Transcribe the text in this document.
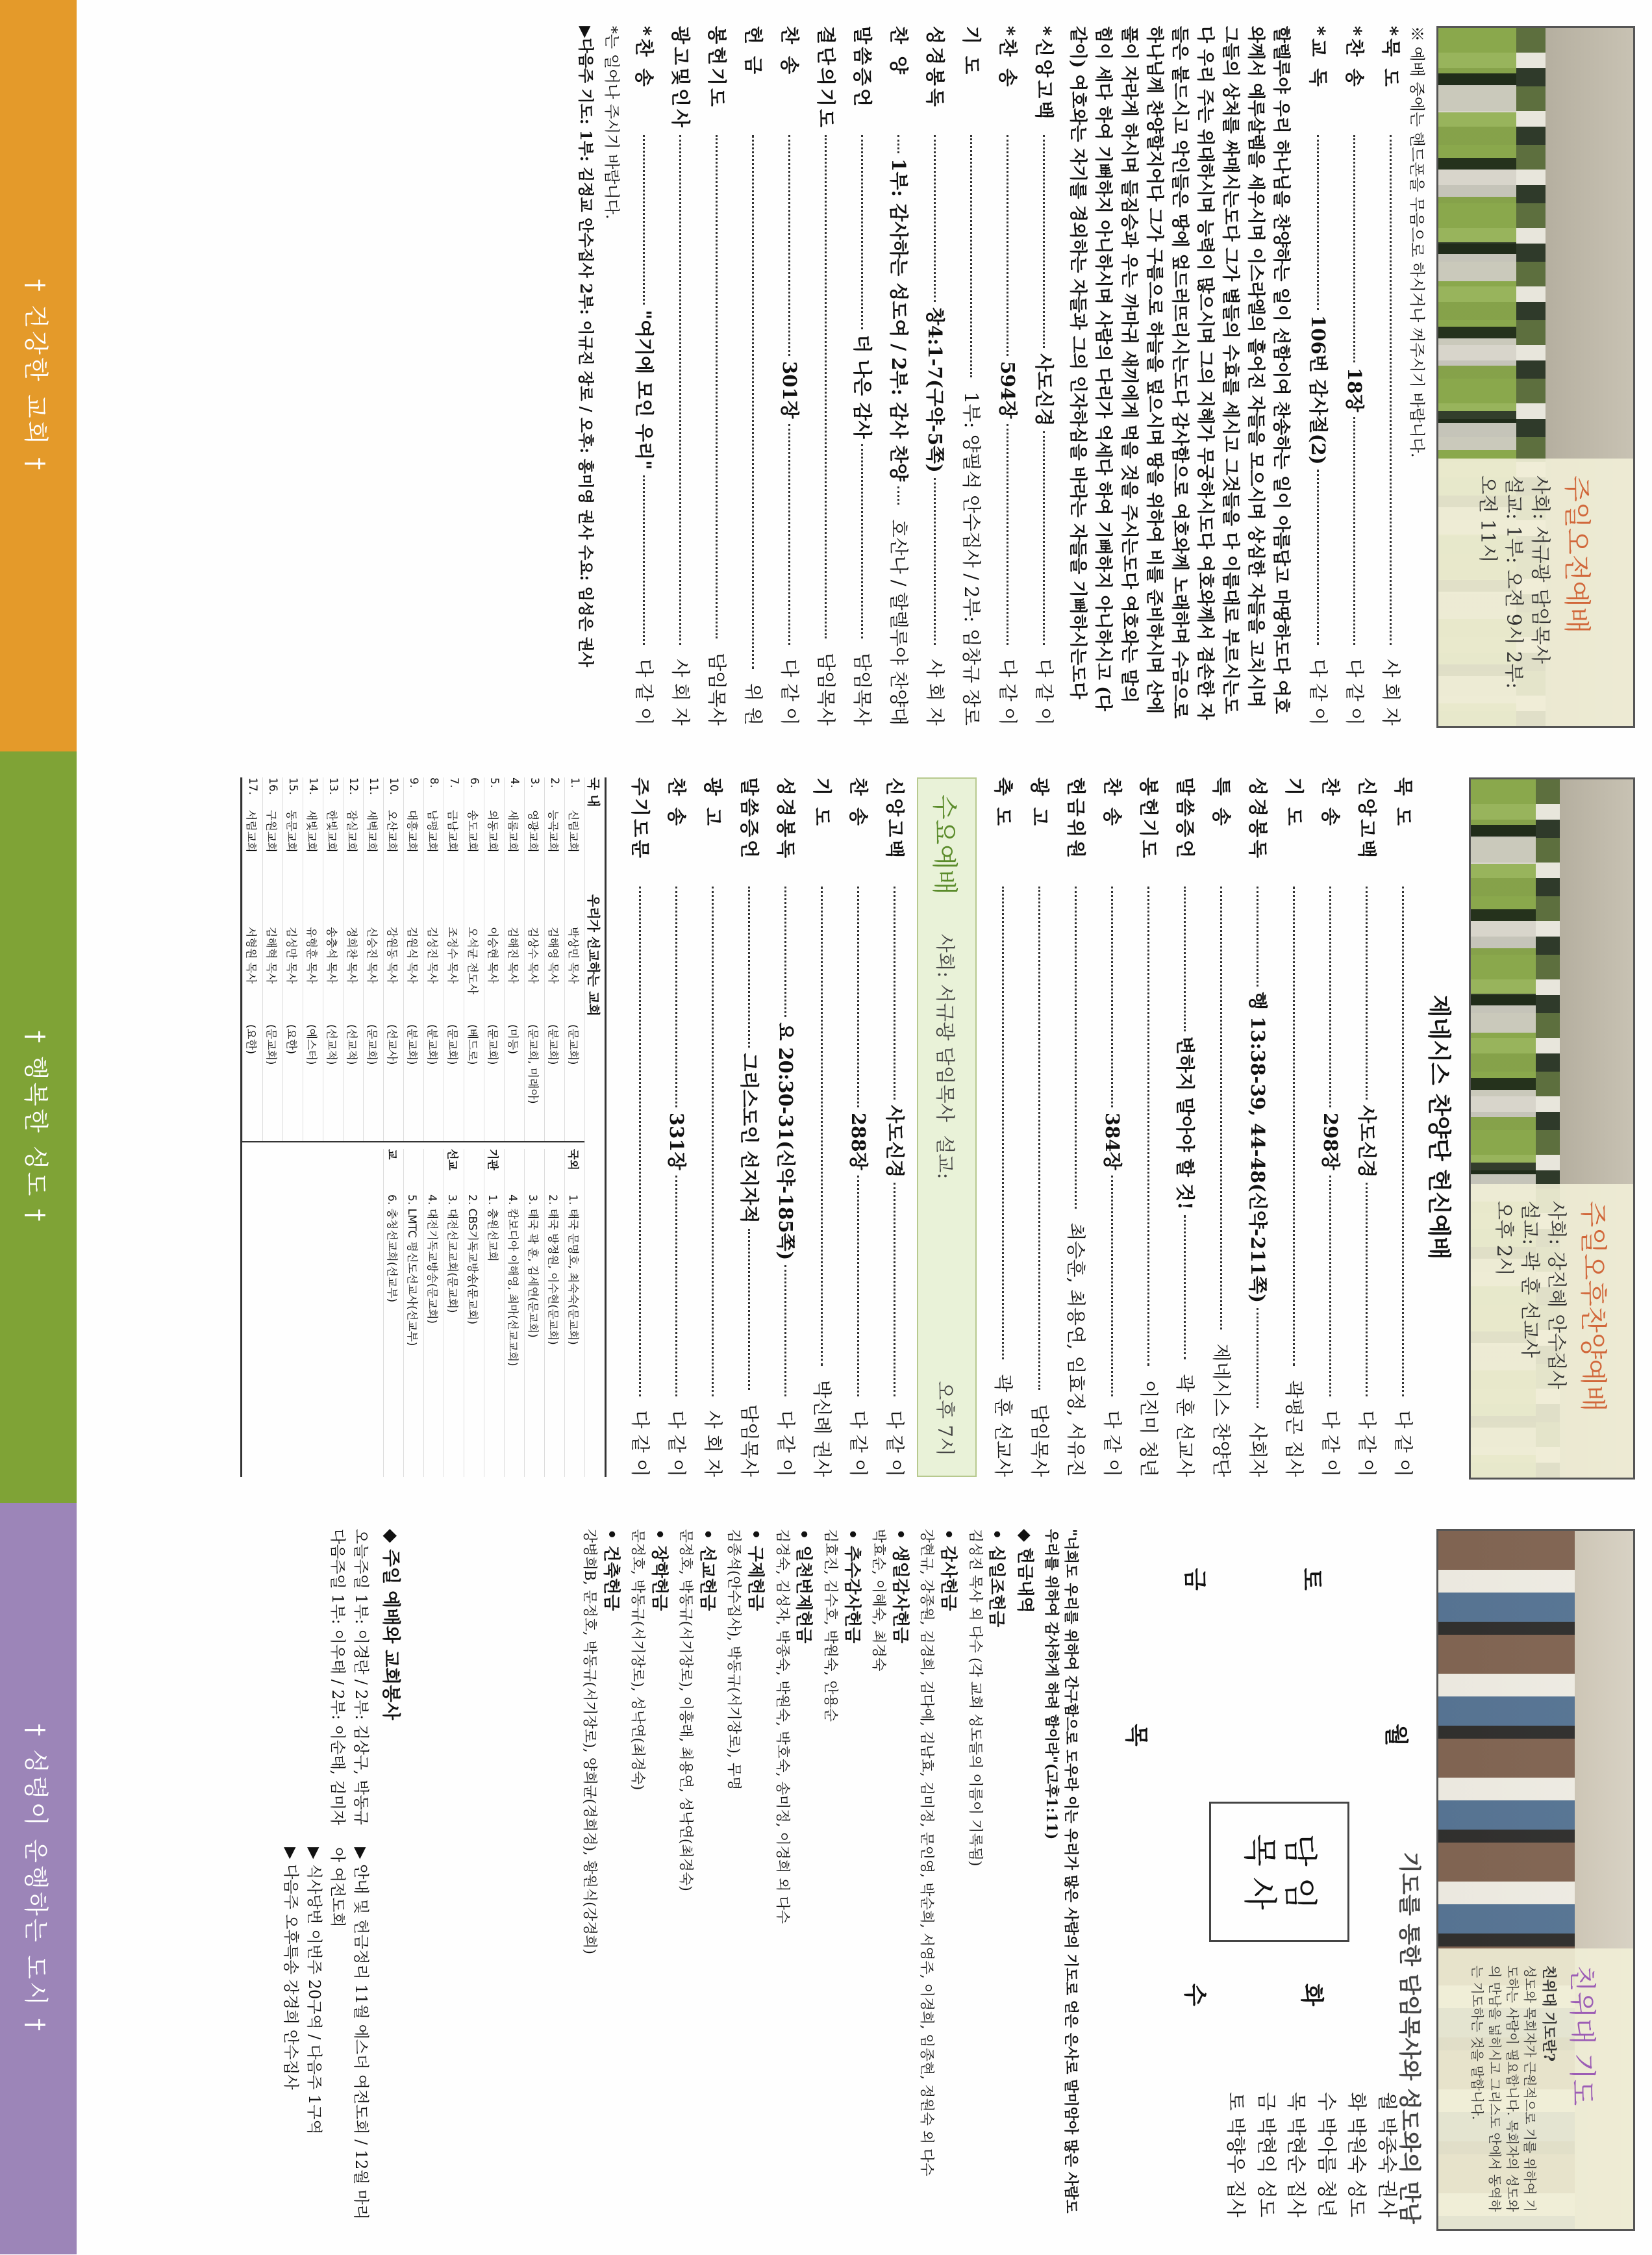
주일오전예배
사회: 서규광 담임목사
설교: 1부: 오전 9시 2부: 오전 11시
※ 예배 중에는 핸드폰을 무음으로 하시거나 꺼주시기 바랍니다.
*묵 도
사 회 자
*찬 송
18장
다 같 이
*교 독
106번 감사절(2)
다 같 이
할렐루야 우리 하나님을 찬양하는 일이 선함이여 찬송하는 일이 아름답고 마땅하도다 여호와께서 예루살렘을 세우시며 이스라엘의 흩어진 자들을 모으시며 상심한 자들을 고치시며 그들의 상처를 싸매시는도다 그가 별들의 수효를 세시고 그것들을 다 이름대로 부르시는도다 우리 주는 위대하시며 능력이 많으시며 그의 지혜가 무궁하시도다 여호와께서 겸손한 자들은 붙드시고 악인들은 땅에 엎드러뜨리시는도다 감사함으로 여호와께 노래하며 수금으로 하나님께 찬양할지어다 그가 구름으로 하늘을 덮으시며 땅을 위하여 비를 준비하시며 산에 풀이 자라게 하시며 들짐승과 우는 까마귀 새끼에게 먹을 것을 주시는도다 여호와는 말의 힘이 세다 하여 기뻐하지 아니하시며 사람의 다리가 억세다 하여 기뻐하지 아니하시고 (다같이) 여호와는 자기를 경외하는 자들과 그의 인자하심을 바라는 자들을 기뻐하시는도다
*신앙고백
사도신경
다 같 이
*찬 송
594장
다 같 이
기 도
1부: 양필석 안수집사 / 2부: 임창규 장로
성경봉독
창4:1-7(구약-5쪽)
사 회 자
찬 양
1부: 감사하는 성도여 / 2부: 감사 찬양
호산나 / 할렐루야 찬양대
말씀증언
더 나은 감사
담임목사
결단의기도
담임목사
찬 송
301장
다 같 이
헌 금
위 원
봉헌기도
담임목사
광고및인사
사 회 자
*찬 송
"여기에 모인 우리"
다 같 이
*는 일어나 주시기 바랍니다.
▶다음주 기도: 1부: 김정교 안수집사 2부: 이규진 장로 / 오후: 홍미영 권사 수요: 임성은 권사
† 건강한 교회 †
주일오후찬양예배
사회: 강진혜 안수집사
설교: 곽 훈 선교사
오후 2시
제네시스 찬양단 헌신예배
묵 도
다 같 이
신앙고백
사도신경
다 같 이
찬 송
298장
다 같 이
기 도
곽평곤 집사
성경봉독
행 13:38-39, 44-48(신약-211쪽)
사회자
특 송
제네시스 찬양단
말씀증언
변하지 말아야 할 것!
곽 훈 선교사
봉헌기도
이진미 청년
찬 송
384장
다 같 이
헌금위원
최승훈, 최용연, 임효정, 서유진
광 고
담임목사
축 도
곽 훈 선교사
수요예배
사회: 서규광 담임목사
설교:
오후 7시
신앙고백
사도신경
다 같 이
찬 송
288장
다 같 이
기 도
박신례 권사
성경봉독
요 20:30-31(신약-185쪽)
다 같 이
말씀증언
그리스도인 선지자적
담임목사
광 고
사 회 자
찬 송
331장
다 같 이
주기도문
다 같 이
국 내
우리가 선교하는 교회
1.
신림교회
박상민 목사
(문교회)
2.
능곡교회
김해영 목사
(분교회)
3.
영광교회
김상수 목사
(문교회, 미래아)
4.
새롬교회
김해진 목사
(미등)
5.
외동교회
이승현 목사
(문교회)
6.
송도교회
오석균 전도사
(베드로)
7.
금남교회
조정수 목사
(문교회)
8.
남평교회
김성진 목사
(분교회)
9.
대흥교회
김원식 목사
(분교회)
10.
오산교회
강원동 목사
(선교사)
11.
새벽교회
신승진 목사
(문교회)
12.
잠실교회
정희찬 목사
(선교적)
13.
한빛교회
송충석 목사
(선교적)
14.
새빛교회
유형훈 목사
(예스터)
15.
동문교회
김성만 목사
(요한)
16.
구원교회
김해혁 목사
(문교회)
17.
서림교회
서형원 목사
(요한)
국외
1. 태국 문명호, 최숙숙(문교회)
2. 태국 방정원, 이수현(문교회)
3. 태국 곽 훈, 김세연(문교회)
4. 캄보디아 이해영, 최마(선교교회)
기관
1. 충원선교회
2. CBS기독교방송(문교회)
선교
3. 대전선교교회(문교회)
4. 대전기독교방송(문교회)
5. LMTC 평신도선교사(선교부)
교
6. 충청선교회(선교부)
† 행복한 성도 †
친위대 기도
친위대 기도란?
성도와 목회자가 근원적으로 기를 위하여 기도하는 사람이 필요합니다. 목회자의 성도와의 만남을 넓히시고 그리스도 안에서 동역하는 기도하는 것을 말합니다.
기도를 통한 담임목사와 성도와의 만남
토
월
화
수
목
금
담 임
목 사
월 박종숙 권사
화 박원숙 성도
수 박아름 청년
목 박현순 집사
금 박현익 성도
토 박향우 집사
"너희도 우리를 위하여 간구함으로 도우라 이는 우리가 많은 사람의 기도로 얻은 은사로 말미암아 많은 사람도 우리를 위하여 감사하게 하려 함이라"(고후1:11)
◆ 헌금내역
• 십일조헌금
김성진 목사 외 다수 (각 교회 성도들의 이름이 기록됨)
• 감사헌금
강현규, 강종원, 김경희, 김다예, 김남효, 김미정, 문인영, 박순희, 서영주, 이경희, 임종현, 정원숙 외 다수
• 생일감사헌금
박효순, 이혜숙, 최경숙
• 추수감사헌금
김효진, 김수호, 박원숙, 안용순
• 일천번제헌금
김경숙, 김성자, 박종숙, 박원숙, 박호숙, 송미정, 이경희 외 다수
• 구제헌금
김종석(안수집사), 박동규(서기장로), 무명
• 선교헌금
문정호, 박동규(서기장로), 이흥래, 최용연, 성낙연(최경숙)
• 장학헌금
문정호, 박동규(서기장로), 성낙연(최경숙)
• 건축헌금
강병희B, 문정호, 박동규(서기장로), 양희균(경희경), 황원식(강경희)
◆ 주일 예배와 교회봉사
오늘주일 1부: 이경란 / 2부: 김상구, 박동규
다음주일 1부: 이우태 / 2부: 이순태, 김미자
▶ 안내 및 헌금정리 11월 에스더 여전도회 / 12월 마리아 여전도회
▶ 식사당번 이번주 20구역 / 다음주 1구역
▶ 다음주 오후특송 강경희 안수집사
† 성령이 운행하는 도시 †
